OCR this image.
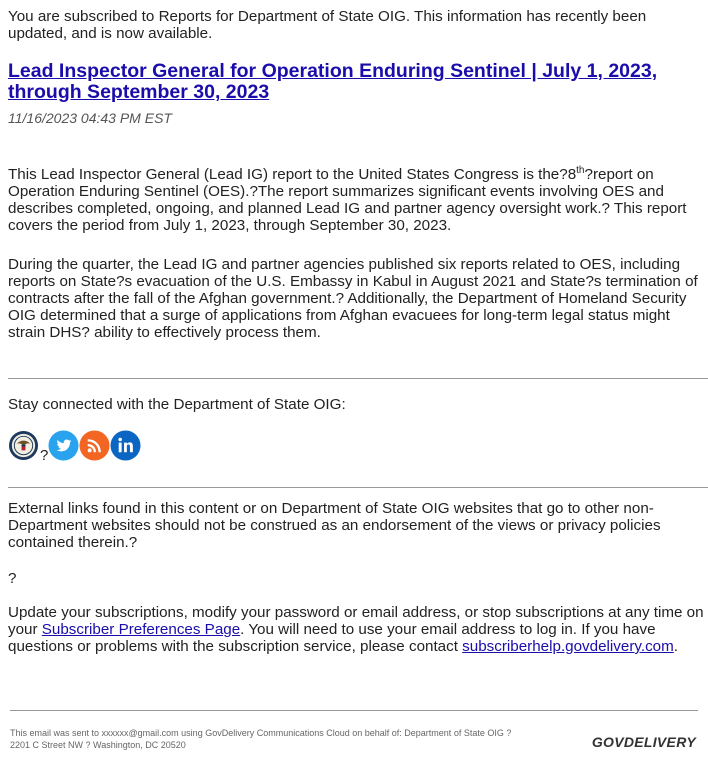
You are subscribed to Reports for Department of State OIG. This information has recently been updated, and is now available.

Lead Inspector General for Operation Enduring Sentinel | July 1, 2023, through September 30, 2023

11/16/2023 04:43 PM EST

This Lead Inspector General (Lead IG) report to the United States Congress is the?8th?report on Operation Enduring Sentinel (OES).?The report summarizes significant events involving OES and describes completed, ongoing, and planned Lead IG and partner agency oversight work.? This report covers the period from July 1, 2023, through September 30, 2023.

During the quarter, the Lead IG and partner agencies published six reports related to OES, including reports on State?s evacuation of the U.S. Embassy in Kabul in August 2021 and State?s termination of contracts after the fall of the Afghan government.? Additionally, the Department of Homeland Security OIG determined that a surge of applications from Afghan evacuees for long-term legal status might strain DHS? ability to effectively process them.

Stay connected with the Department of State OIG:

?

External links found in this content or on Department of State OIG websites that go to other non-Department websites should not be construed as an endorsement of the views or privacy policies contained therein.?

?

Update your subscriptions, modify your password or email address, or stop subscriptions at any time on your Subscriber Preferences Page. You will need to use your email address to log in. If you have questions or problems with the subscription service, please contact subscriberhelp.govdelivery.com.

This email was sent to xxxxxx@gmail.com using GovDelivery Communications Cloud on behalf of: Department of State OIG ?
2201 C Street NW ? Washington, DC 20520	GOVDELIVERY
